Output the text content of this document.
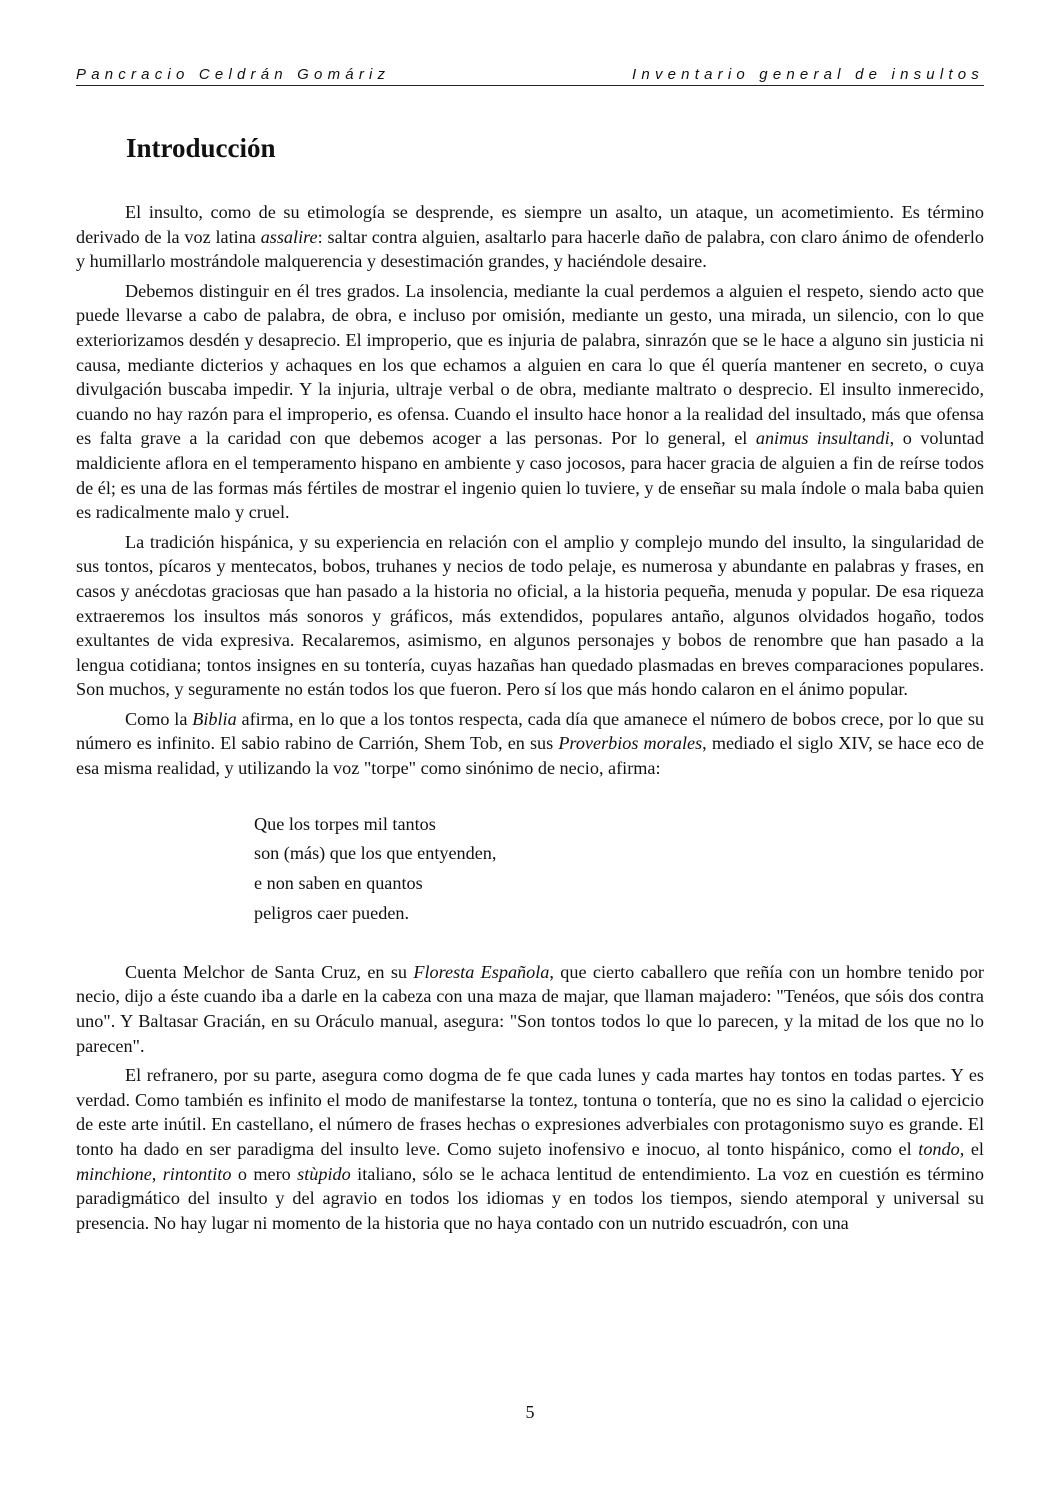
Pancracio Celdrán Gomáriz	Inventario general de insultos
Introducción

El insulto, como de su etimología se desprende, es siempre un asalto, un ataque, un acometimiento. Es término derivado de la voz latina assalire: saltar contra alguien, asaltarlo para hacerle daño de palabra, con claro ánimo de ofenderlo y humillarlo mostrándole malquerencia y desestimación grandes, y haciéndole desaire.

Debemos distinguir en él tres grados. La insolencia, mediante la cual perdemos a alguien el respeto, siendo acto que puede llevarse a cabo de palabra, de obra, e incluso por omisión, mediante un gesto, una mirada, un silencio, con lo que exteriorizamos desdén y desaprecio. El improperio, que es injuria de palabra, sinrazón que se le hace a alguno sin justicia ni causa, mediante dicterios y achaques en los que echamos a alguien en cara lo que él quería mantener en secreto, o cuya divulgación buscaba impedir. Y la injuria, ultraje verbal o de obra, mediante maltrato o desprecio. El insulto inmerecido, cuando no hay razón para el improperio, es ofensa. Cuando el insulto hace honor a la realidad del insultado, más que ofensa es falta grave a la caridad con que debemos acoger a las personas. Por lo general, el animus insultandi, o voluntad maldiciente aflora en el temperamento hispano en ambiente y caso jocosos, para hacer gracia de alguien a fin de reírse todos de él; es una de las formas más fértiles de mostrar el ingenio quien lo tuviere, y de enseñar su mala índole o mala baba quien es radicalmente malo y cruel.

La tradición hispánica, y su experiencia en relación con el amplio y complejo mundo del insulto, la singularidad de sus tontos, pícaros y mentecatos, bobos, truhanes y necios de todo pelaje, es numerosa y abundante en palabras y frases, en casos y anécdotas graciosas que han pasado a la historia no oficial, a la historia pequeña, menuda y popular. De esa riqueza extraeremos los insultos más sonoros y gráficos, más extendidos, populares antaño, algunos olvidados hogaño, todos exultantes de vida expresiva. Recalaremos, asimismo, en algunos personajes y bobos de renombre que han pasado a la lengua cotidiana; tontos insignes en su tontería, cuyas hazañas han quedado plasmadas en breves comparaciones populares. Son muchos, y seguramente no están todos los que fueron. Pero sí los que más hondo calaron en el ánimo popular.

Como la Biblia afirma, en lo que a los tontos respecta, cada día que amanece el número de bobos crece, por lo que su número es infinito. El sabio rabino de Carrión, Shem Tob, en sus Proverbios morales, mediado el siglo XIV, se hace eco de esa misma realidad, y utilizando la voz "torpe" como sinónimo de necio, afirma:

Que los torpes mil tantos
son (más) que los que entyenden,
e non saben en quantos
peligros caer pueden.

Cuenta Melchor de Santa Cruz, en su Floresta Española, que cierto caballero que reñía con un hombre tenido por necio, dijo a éste cuando iba a darle en la cabeza con una maza de majar, que llaman majadero: "Tenéos, que sóis dos contra uno". Y Baltasar Gracián, en su Oráculo manual, asegura: "Son tontos todos lo que lo parecen, y la mitad de los que no lo parecen".

El refranero, por su parte, asegura como dogma de fe que cada lunes y cada martes hay tontos en todas partes. Y es verdad. Como también es infinito el modo de manifestarse la tontez, tontuna o tontería, que no es sino la calidad o ejercicio de este arte inútil. En castellano, el número de frases hechas o expresiones adverbiales con protagonismo suyo es grande. El tonto ha dado en ser paradigma del insulto leve. Como sujeto inofensivo e inocuo, al tonto hispánico, como el tondo, el minchione, rintontito o mero stùpido italiano, sólo se le achaca lentitud de entendimiento. La voz en cuestión es término paradigmático del insulto y del agravio en todos los idiomas y en todos los tiempos, siendo atemporal y universal su presencia. No hay lugar ni momento de la historia que no haya contado con un nutrido escuadrón, con una

5
